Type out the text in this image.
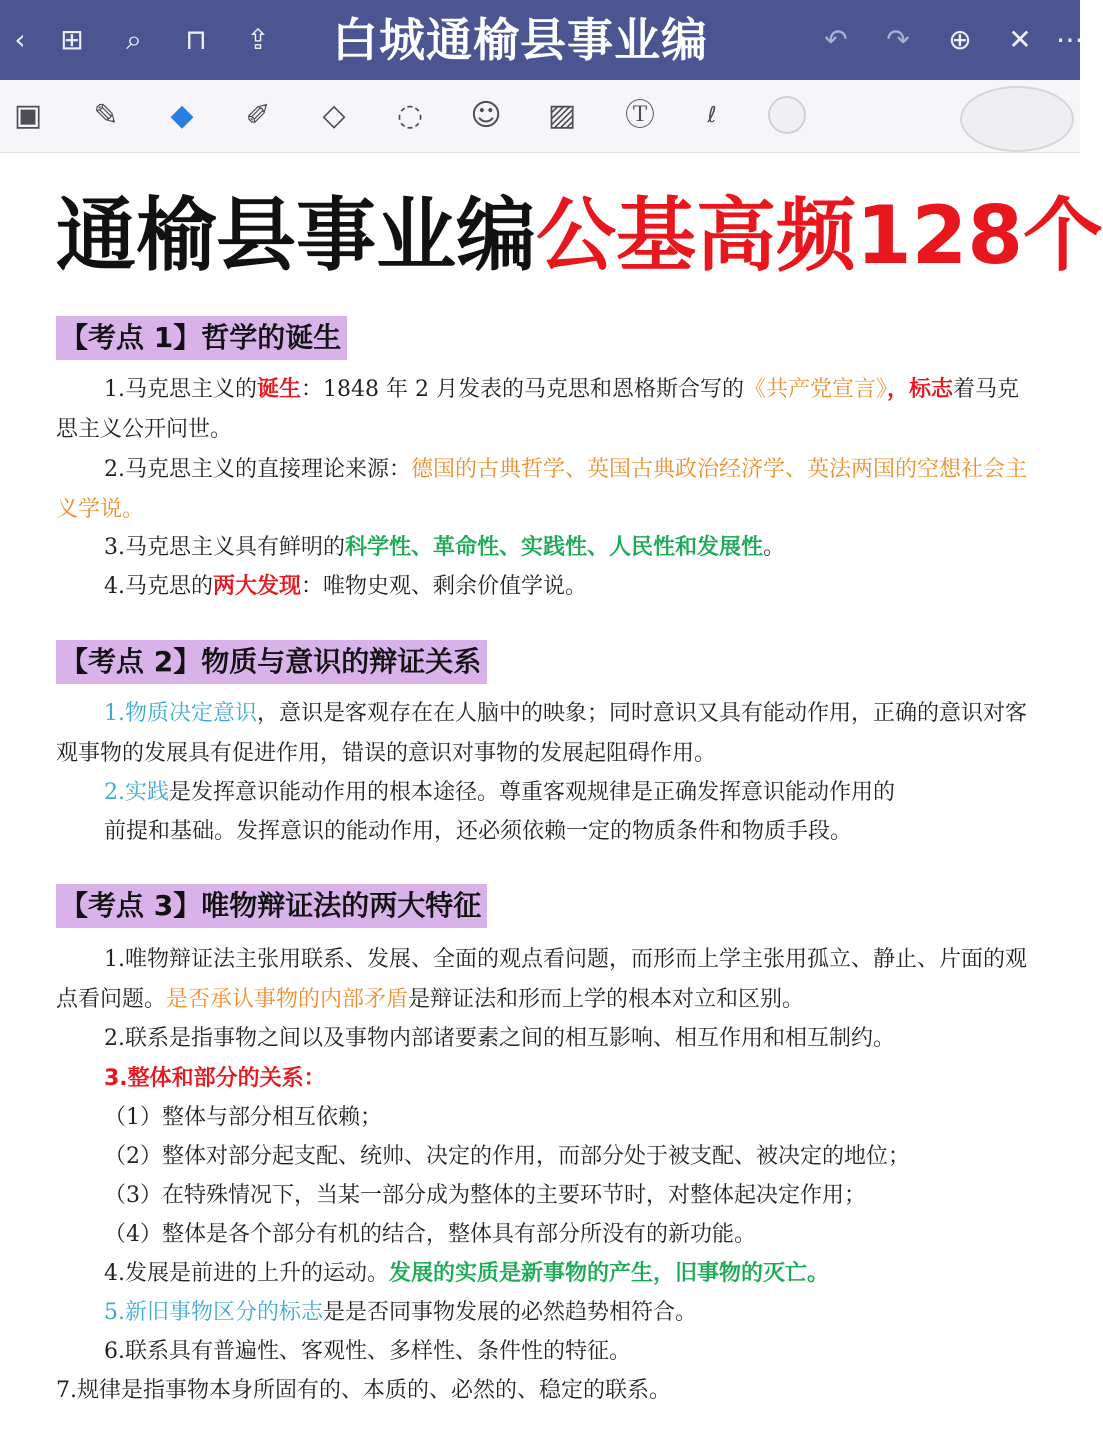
‹	⊞	⌕	⊓ ⇪	白城通榆县事业编	↶ ↷ ⊕ ✕ ⋯
▣	✎	◆	✐	◇	◌ ☺ ▨ Ⓣ	ℓ
通榆县事业编公基高频128个
【考点 1】哲学的诞生
1.马克思主义的诞生：1848 年 2 月发表的马克思和恩格斯合写的《共产党宣言》，标志着马克思主义公开问世。
2.马克思主义的直接理论来源：德国的古典哲学、英国古典政治经济学、英法两国的空想社会主义学说。
3.马克思主义具有鲜明的科学性、革命性、实践性、人民性和发展性。
4.马克思的两大发现：唯物史观、剩余价值学说。
【考点 2】物质与意识的辩证关系
1.物质决定意识，意识是客观存在在人脑中的映象；同时意识又具有能动作用，正确的意识对客观事物的发展具有促进作用，错误的意识对事物的发展起阻碍作用。
2.实践是发挥意识能动作用的根本途径。尊重客观规律是正确发挥意识能动作用的
前提和基础。发挥意识的能动作用，还必须依赖一定的物质条件和物质手段。
【考点 3】唯物辩证法的两大特征
1.唯物辩证法主张用联系、发展、全面的观点看问题，而形而上学主张用孤立、静止、片面的观点看问题。是否承认事物的内部矛盾是辩证法和形而上学的根本对立和区别。
2.联系是指事物之间以及事物内部诸要素之间的相互影响、相互作用和相互制约。
3.整体和部分的关系：
（1）整体与部分相互依赖；
（2）整体对部分起支配、统帅、决定的作用，而部分处于被支配、被决定的地位；
（3）在特殊情况下，当某一部分成为整体的主要环节时，对整体起决定作用；
（4）整体是各个部分有机的结合，整体具有部分所没有的新功能。
4.发展是前进的上升的运动。发展的实质是新事物的产生，旧事物的灭亡。
5.新旧事物区分的标志是是否同事物发展的必然趋势相符合。
6.联系具有普遍性、客观性、多样性、条件性的特征。
7.规律是指事物本身所固有的、本质的、必然的、稳定的联系。
